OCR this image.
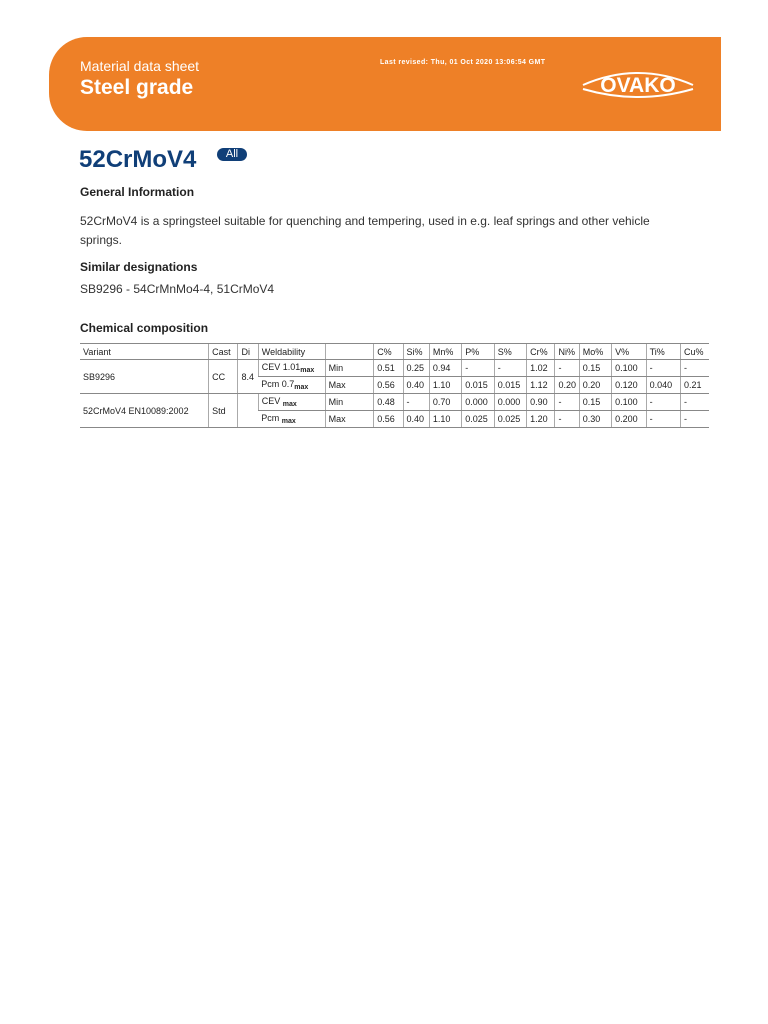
Material data sheet
Steel grade
Last revised: Thu, 01 Oct 2020 13:06:54 GMT
OVAKO
52CrMoV4	All
General Information
52CrMoV4 is a springsteel suitable for quenching and tempering, used in e.g. leaf springs and other vehicle springs.
Similar designations
SB9296 - 54CrMnMo4-4, 51CrMoV4
Chemical composition
Variant	Cast	Di	Weldability		C%	Si%	Mn%	P%	S%	Cr%	Ni%	Mo%	V%	Ti%	Cu%
SB9296	CC	8.4	CEV $1.01_{max}$	Min	0.51	0.25	0.94	-	-	1.02	-	0.15	0.100	-	-
			Pcm $0.7_{max}$	Max	0.56	0.40	1.10	0.015	0.015	1.12	0.20	0.20	0.120	0.040	0.21
52CrMoV4 EN10089:2002	Std		CEV $_{max}$	Min	0.48	-	0.70	0.000	0.000	0.90	-	0.15	0.100	-	-
			Pcm $_{max}$	Max	0.56	0.40	1.10	0.025	0.025	1.20	-	0.30	0.200	-	-
